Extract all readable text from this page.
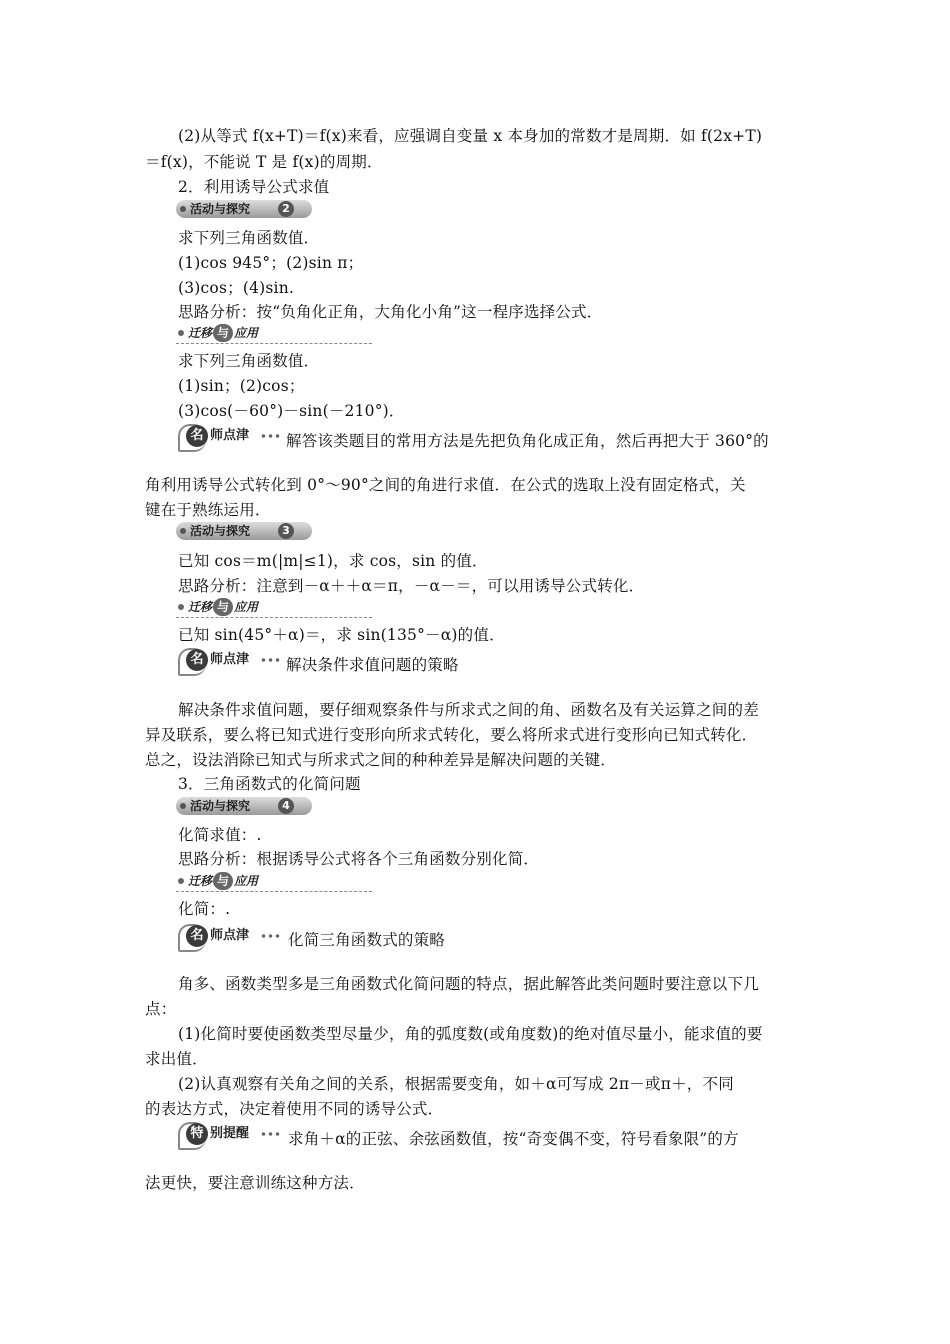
(2)从等式 f(x+T)＝f(x)来看，应强调自变量 x 本身加的常数才是周期．如 f(2x+T)
＝f(x)，不能说 T 是 f(x)的周期．
2．利用诱导公式求值
活动与探究	2
求下列三角函数值．
(1)cos 945°；(2)sin π；
(3)cos；(4)sin.
思路分析：按“负角化正角，大角化小角”这一程序选择公式．
迁移 与 应用
求下列三角函数值．
(1)sin；(2)cos；
(3)cos(－60°)－sin(－210°)．
名 师点津 解答该类题目的常用方法是先把负角化成正角，然后再把大于 360°的
角利用诱导公式转化到 0°～90°之间的角进行求值．在公式的选取上没有固定格式，关
键在于熟练运用．
活动与探究	3
已知 cos＝m(|m|≤1)，求 cos，sin 的值．
思路分析：注意到－α＋＋α＝π，－α－＝，可以用诱导公式转化．
迁移 与 应用
已知 sin(45°＋α)＝，求 sin(135°－α)的值．
名 师点津 解决条件求值问题的策略
解决条件求值问题，要仔细观察条件与所求式之间的角、函数名及有关运算之间的差
异及联系，要么将已知式进行变形向所求式转化，要么将所求式进行变形向已知式转化．
总之，设法消除已知式与所求式之间的种种差异是解决问题的关键．
3．三角函数式的化简问题
活动与探究	4
化简求值：.
思路分析：根据诱导公式将各个三角函数分别化简．
迁移 与 应用
化简：.
名 师点津	化简三角函数式的策略
角多、函数类型多是三角函数式化简问题的特点，据此解答此类问题时要注意以下几
点：
(1)化简时要使函数类型尽量少，角的弧度数(或角度数)的绝对值尽量小，能求值的要
求出值．
(2)认真观察有关角之间的关系，根据需要变角，如＋α可写成 2π－或π＋，不同
的表达方式，决定着使用不同的诱导公式．
特 别提醒	求角＋α的正弦、余弦函数值，按“奇变偶不变，符号看象限”的方
法更快，要注意训练这种方法．
